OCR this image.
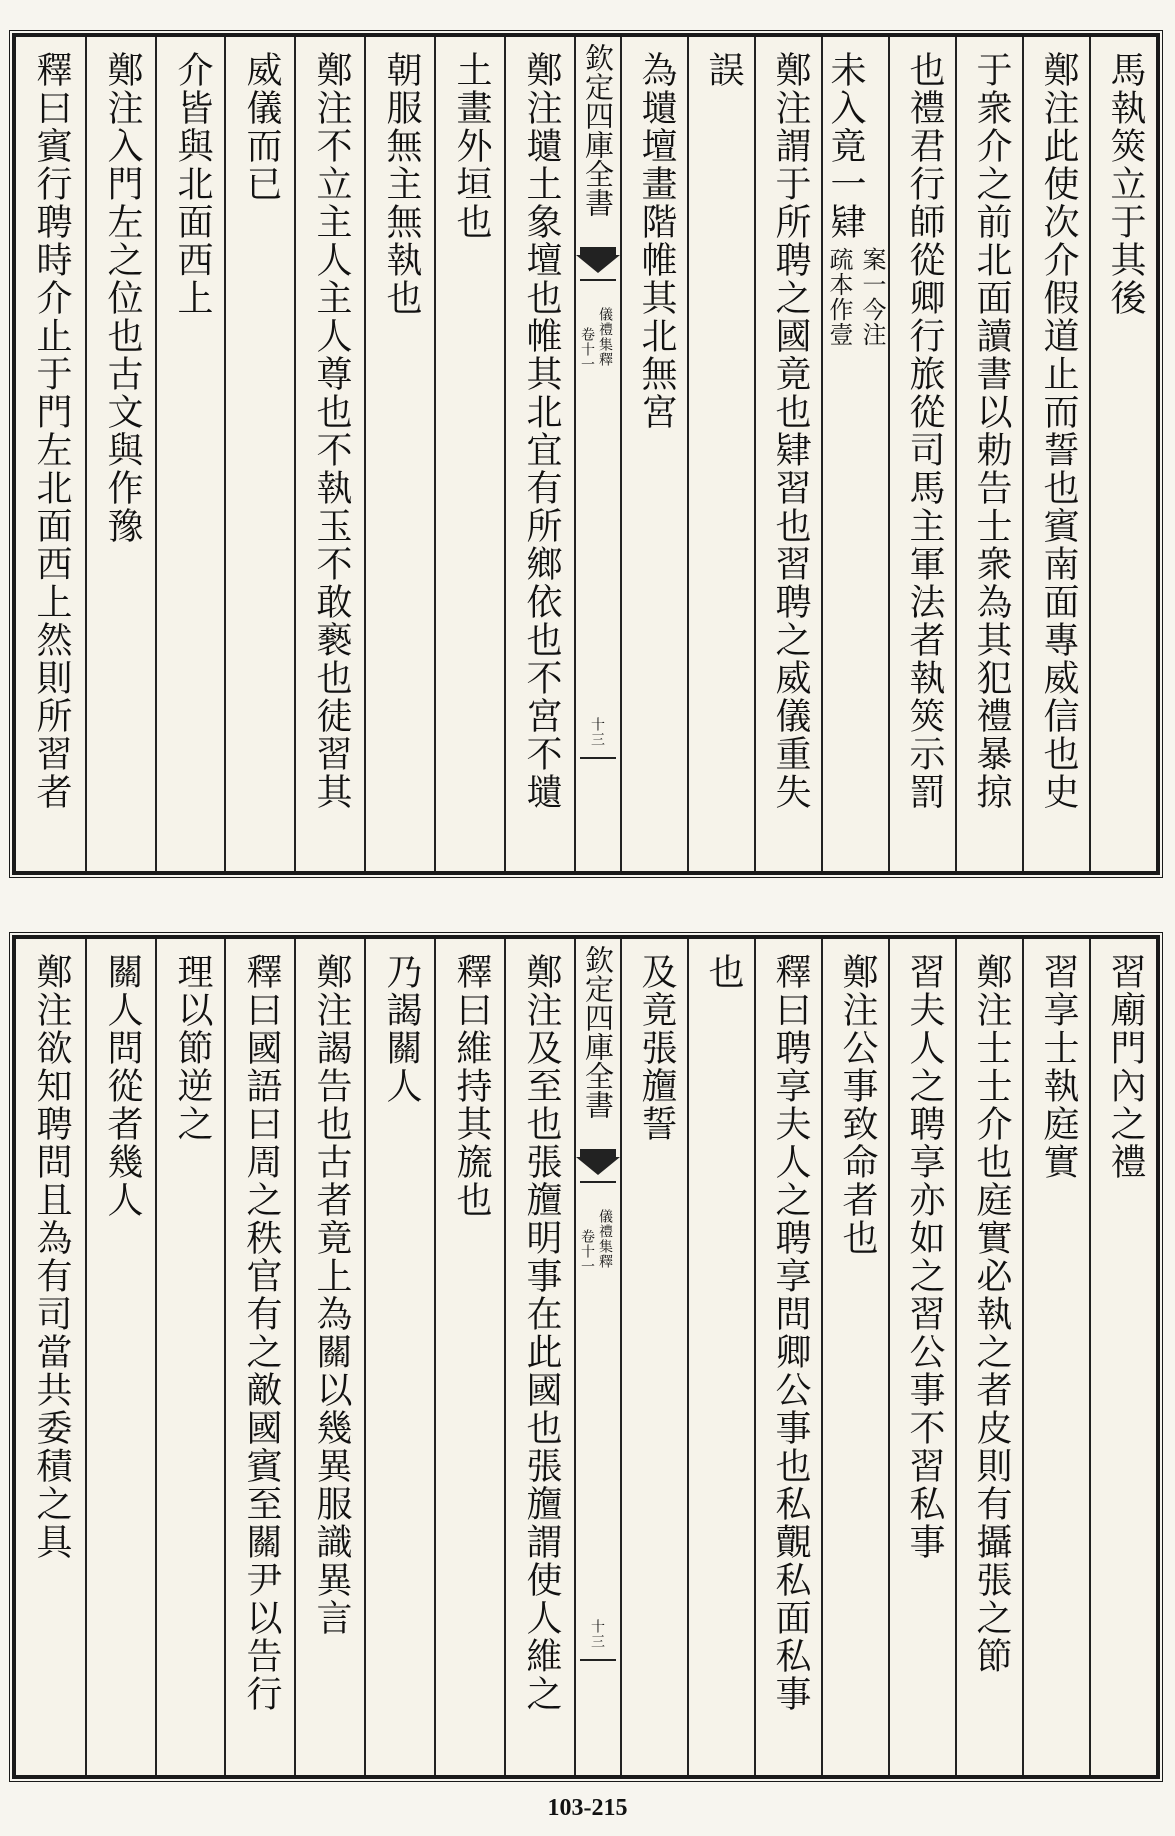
馬執筴立于其後
鄭注此使次介假道止而誓也賓南面專威信也史
于衆介之前北面讀書以勅告士衆為其犯禮暴掠
也禮君行師從卿行旅從司馬主軍法者執筴示罰
未入竟一肄
案一今注
疏本作壹
鄭注謂于所聘之國竟也肄習也習聘之威儀重失
誤
為壝壇畫階帷其北無宮
欽定四庫全書
儀禮集釋
卷十一
十三
鄭注壝土象壇也帷其北宜有所鄉依也不宮不壝
土畫外垣也
朝服無主無執也
鄭注不立主人主人尊也不執玉不敢褻也徒習其
威儀而已
介皆與北面西上
鄭注入門左之位也古文與作豫
釋曰賓行聘時介止于門左北面西上然則所習者
習廟門內之禮
習享士執庭實
鄭注士士介也庭實必執之者皮則有攝張之節
習夫人之聘享亦如之習公事不習私事
鄭注公事致命者也
釋曰聘享夫人之聘享問卿公事也私覿私面私事
也
及竟張旜誓
欽定四庫全書
儀禮集釋
卷十一
十三
鄭注及至也張旜明事在此國也張旜謂使人維之
釋曰維持其旒也
乃謁關人
鄭注謁告也古者竟上為關以幾異服識異言
釋曰國語曰周之秩官有之敵國賓至關尹以告行
理以節逆之
關人問從者幾人
鄭注欲知聘問且為有司當共委積之具
103-215
